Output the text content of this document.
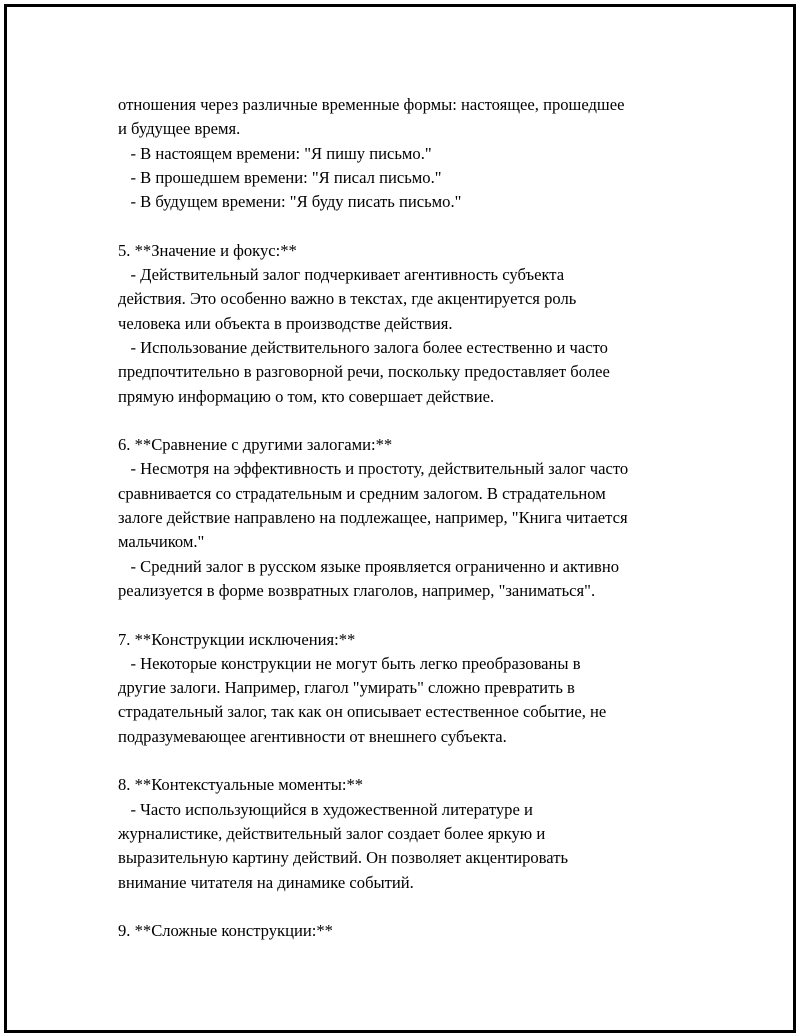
отношения через различные временные формы: настоящее, прошедшее
и будущее время.
- В настоящем времени: "Я пишу письмо."
- В прошедшем времени: "Я писал письмо."
- В будущем времени: "Я буду писать письмо."
5. **Значение и фокус:**
- Действительный залог подчеркивает агентивность субъекта
действия. Это особенно важно в текстах, где акцентируется роль
человека или объекта в производстве действия.
- Использование действительного залога более естественно и часто
предпочтительно в разговорной речи, поскольку предоставляет более
прямую информацию о том, кто совершает действие.
6. **Сравнение с другими залогами:**
- Несмотря на эффективность и простоту, действительный залог часто
сравнивается со страдательным и средним залогом. В страдательном
залоге действие направлено на подлежащее, например, "Книга читается
мальчиком."
- Средний залог в русском языке проявляется ограниченно и активно
реализуется в форме возвратных глаголов, например, "заниматься".
7. **Конструкции исключения:**
- Некоторые конструкции не могут быть легко преобразованы в
другие залоги. Например, глагол "умирать" сложно превратить в
страдательный залог, так как он описывает естественное событие, не
подразумевающее агентивности от внешнего субъекта.
8. **Контекстуальные моменты:**
- Часто использующийся в художественной литературе и
журналистике, действительный залог создает более яркую и
выразительную картину действий. Он позволяет акцентировать
внимание читателя на динамике событий.
9. **Сложные конструкции:**
